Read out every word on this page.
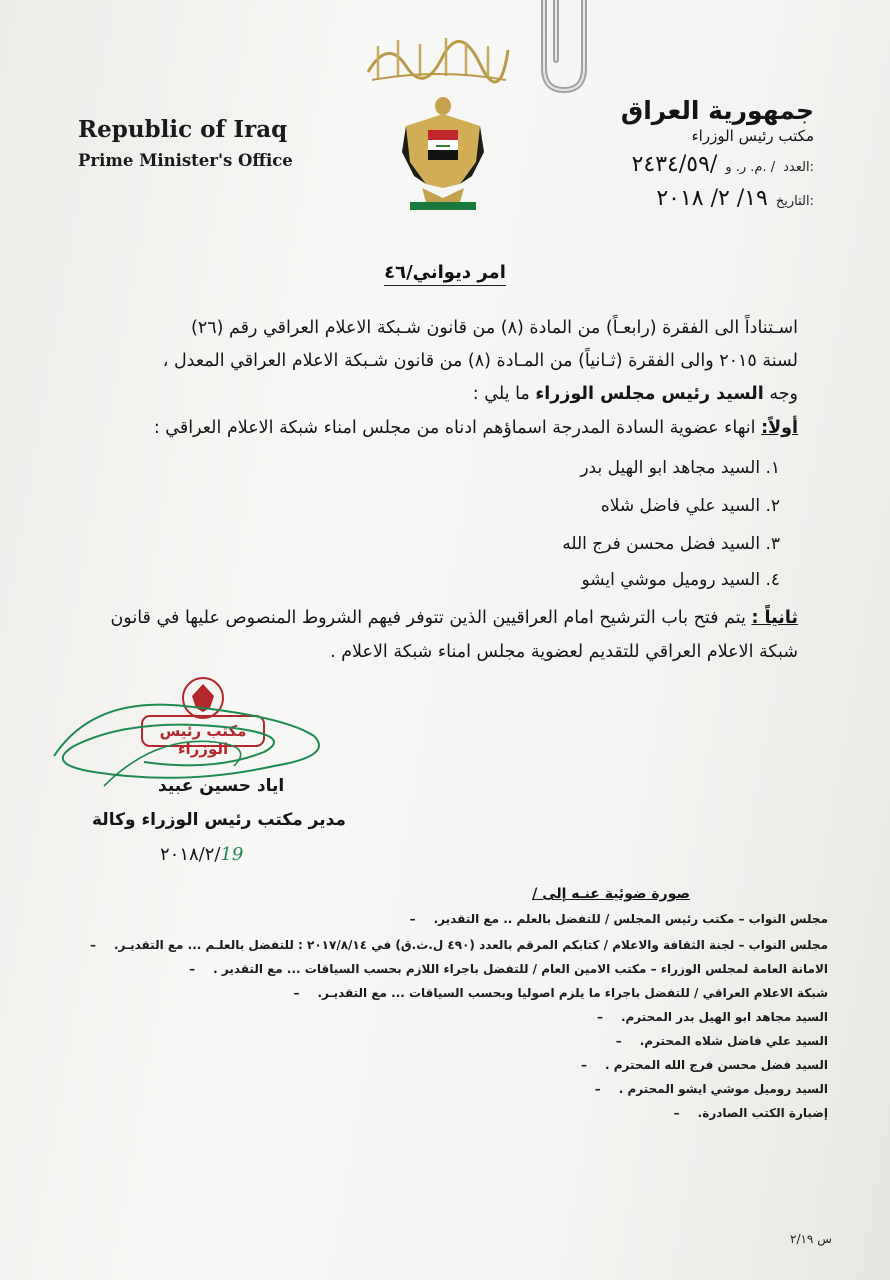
Republic of Iraq
Prime Minister's Office
جمهورية العراق
مكتب رئيس الوزراء
العدد:
م. ر. و. /
٢٤٣٤/٥٩/
التاريخ:
١٩/ ٢/ ٢٠١٨
امر ديواني/٤٦
اسـتناداً الى الفقرة (رابعـاً) من المادة (٨) من قانون شـبكة الاعلام العراقي رقم (٢٦)
لسنة ٢٠١٥ والى الفقرة (ثـانياً) من المـادة (٨) من قانون شـبكة الاعلام العراقي المعدل ،
وجه السيد رئيس مجلس الوزراء ما يلي :
أولاً: انهاء عضوية السادة المدرجة اسماؤهم ادناه من مجلس امناء شبكة الاعلام العراقي :
١. السيد مجاهد ابو الهيل بدر
٢. السيد علي فاضل شلاه
٣. السيد فضل محسن فرج الله
٤. السيد روميل موشي ايشو
ثانياً : يتم فتح باب الترشيح امام العراقيين الذين تتوفر فيهم الشروط المنصوص عليها في قانون
شبكة الاعلام العراقي للتقديم لعضوية مجلس امناء شبكة الاعلام .
مكتب رئيس الوزراء
اياد حسين عبيد
مدير مكتب رئيس الوزراء وكالة
٢٠١٨/٢/19
صورة ضوئية عنـه إلى /
–	مجلس النواب – مكتب رئيس المجلس / للتفضل بالعلم .. مع التقدير.
–	مجلس النواب – لجنة الثقافة والاعلام / كتابكم المرقم بالعدد (٤٩٠ ل.ث.ق) في ٢٠١٧/٨/١٤ : للتفضل بالعلـم ... مع التقديـر.
–	الامانة العامة لمجلس الوزراء – مكتب الامين العام / للتفضل باجراء اللازم بحسب السياقات ... مع التقدير .
–	شبكة الاعلام العراقي / للتفضل باجراء ما يلزم اصوليا وبحسب السياقات ... مع التقديـر.
–	السيد مجاهد ابو الهيل بدر المحترم.
–	السيد علي فاضل شلاه المحترم.
–	السيد فضل محسن فرج الله المحترم .
–	السيد روميل موشي ايشو المحترم .
–	إضبارة الكتب الصادرة.
س ٢/١٩
